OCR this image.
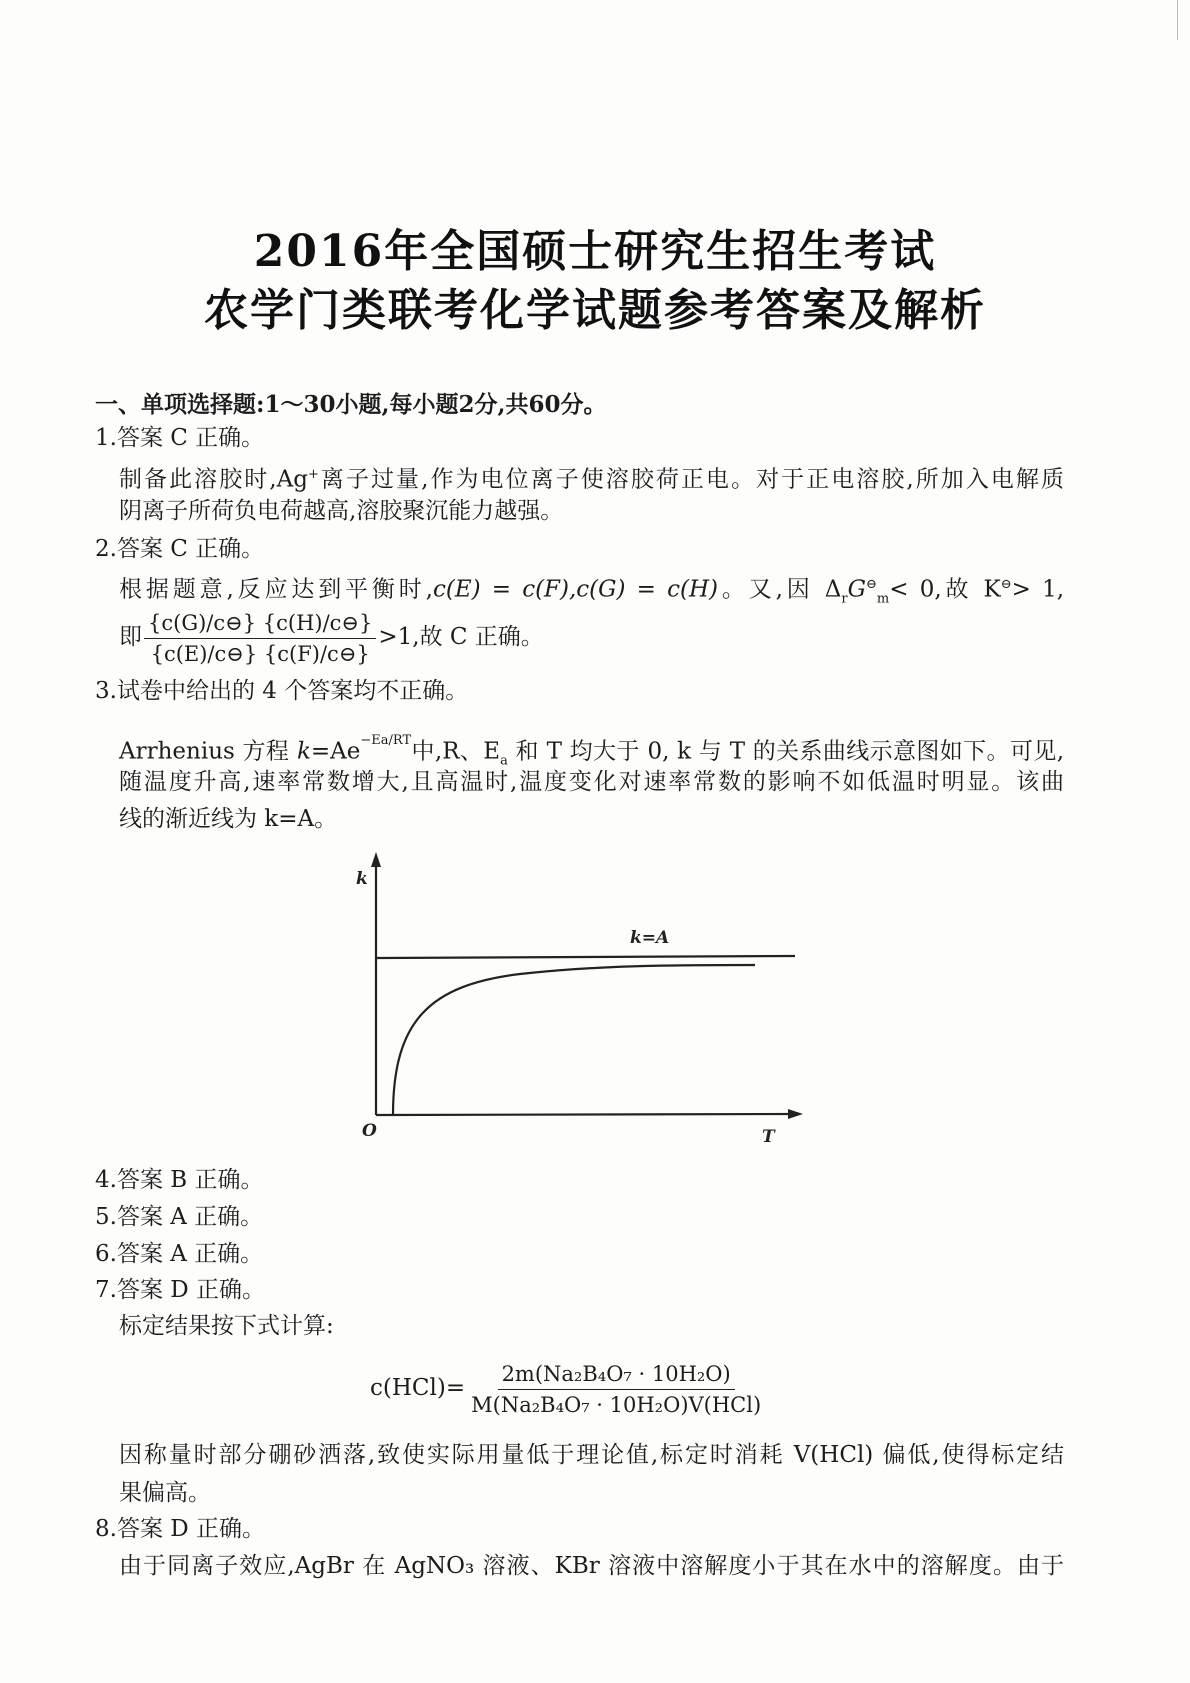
2016年全国硕士研究生招生考试
农学门类联考化学试题参考答案及解析
一、单项选择题:1～30小题,每小题2分,共60分。
1.答案 C 正确。
制备此溶胶时,Ag+离子过量,作为电位离子使溶胶荷正电。对于正电溶胶,所加入电解质
阴离子所荷负电荷越高,溶胶聚沉能力越强。
2.答案 C 正确。
根据题意,反应达到平衡时,c(E) = c(F),c(G) = c(H)。又,因 $\Delta_rG^⊖_m< 0$,故 K⊖> 1,
即 $\frac{\{c(G)/c⊖\} \{c(H)/c⊖\}}{\{c(E)/c⊖\} \{c(F)/c⊖\}} >1$,故 C 正确。
3.试卷中给出的 4 个答案均不正确。
Arrhenius 方程 $k=Ae^{-Ea/RT}$中,R、$E_a$ 和 T 均大于 0, k 与 T 的关系曲线示意图如下。可见,
随温度升高,速率常数增大,且高温时,温度变化对速率常数的影响不如低温时明显。该曲
线的渐近线为 k=A。
k
T
O
k=A
4.答案 B 正确。
5.答案 A 正确。
6.答案 A 正确。
7.答案 D 正确。
标定结果按下式计算:
$c(HCl)= \frac{\text{2m(Na₂B₄O₇ · 10H₂O)}}{\text{M(Na₂B₄O₇ · 10H₂O)V(HCl)}}$
因称量时部分硼砂洒落,致使实际用量低于理论值,标定时消耗 V(HCl) 偏低,使得标定结
果偏高。
8.答案 D 正确。
由于同离子效应,AgBr 在 AgNO₃ 溶液、KBr 溶液中溶解度小于其在水中的溶解度。由于
